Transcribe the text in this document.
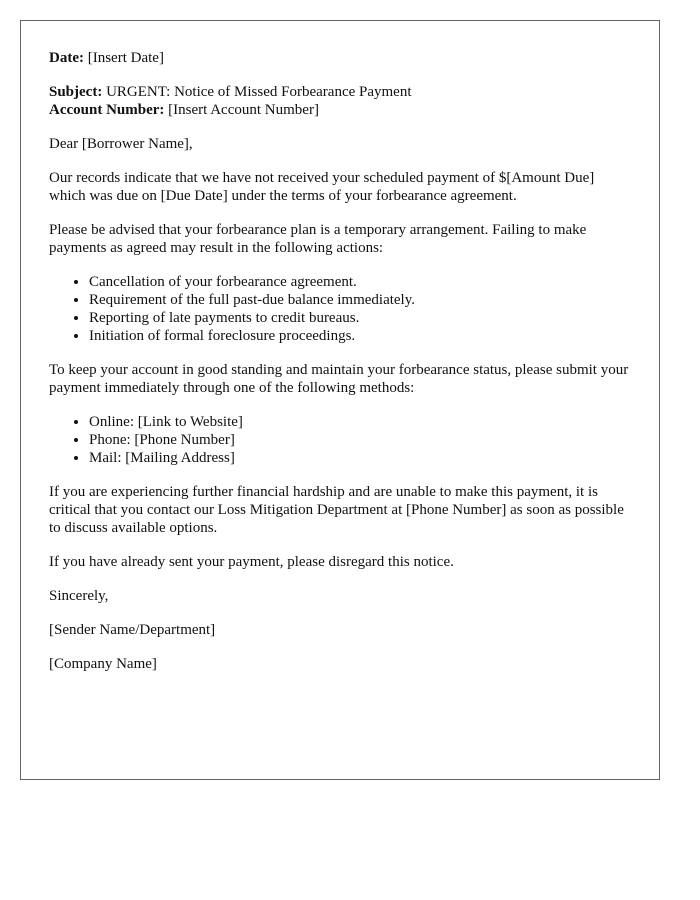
Date: [Insert Date]

Subject: URGENT: Notice of Missed Forbearance Payment

Account Number: [Insert Account Number]

Dear [Borrower Name],

Our records indicate that we have not received your scheduled payment of $[Amount Due] which was due on [Due Date] under the terms of your forbearance agreement.

Please be advised that your forbearance plan is a temporary arrangement. Failing to make payments as agreed may result in the following actions:

• Cancellation of your forbearance agreement.
• Requirement of the full past-due balance immediately.
• Reporting of late payments to credit bureaus.
• Initiation of formal foreclosure proceedings.

To keep your account in good standing and maintain your forbearance status, please submit your payment immediately through one of the following methods:

• Online: [Link to Website]
• Phone: [Phone Number]
• Mail: [Mailing Address]

If you are experiencing further financial hardship and are unable to make this payment, it is critical that you contact our Loss Mitigation Department at [Phone Number] as soon as possible to discuss available options.

If you have already sent your payment, please disregard this notice.

Sincerely,

[Sender Name/Department]

[Company Name]
